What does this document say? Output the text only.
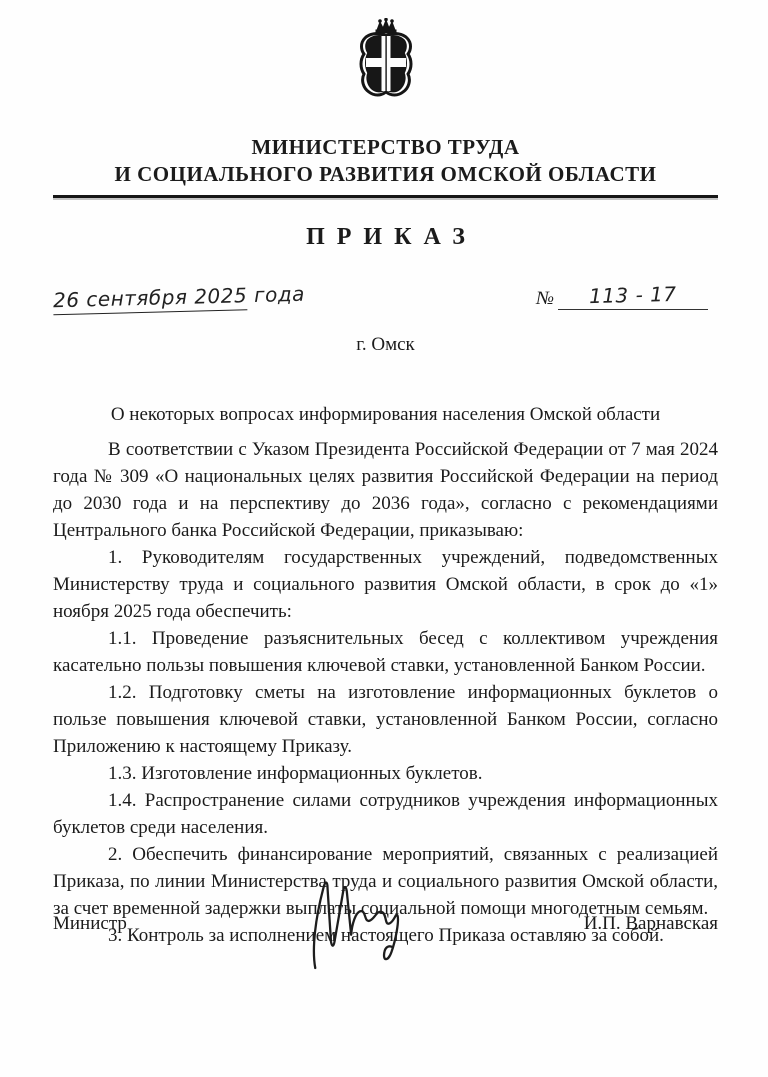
МИНИСТЕРСТВО ТРУДА
И СОЦИАЛЬНОГО РАЗВИТИЯ ОМСКОЙ ОБЛАСТИ
ПРИКАЗ
26 сентября 2025 года	№	113 - 17
г. Омск
О некоторых вопросах информирования населения Омской области

В соответствии с Указом Президента Российской Федерации от 7 мая 2024 года № 309 «О национальных целях развития Российской Федерации на период до 2030 года и на перспективу до 2036 года», согласно с рекомендациями Центрального банка Российской Федерации, приказываю:

1. Руководителям государственных учреждений, подведомственных Министерству труда и социального развития Омской области, в срок до «1» ноября 2025 года обеспечить:

1.1. Проведение разъяснительных бесед с коллективом учреждения касательно пользы повышения ключевой ставки, установленной Банком России.

1.2. Подготовку сметы на изготовление информационных буклетов о пользе повышения ключевой ставки, установленной Банком России, согласно Приложению к настоящему Приказу.

1.3. Изготовление информационных буклетов.

1.4. Распространение силами сотрудников учреждения информационных буклетов среди населения.

2. Обеспечить финансирование мероприятий, связанных с реализацией Приказа, по линии Министерства труда и социального развития Омской области, за счет временной задержки выплаты социальной помощи многодетным семьям.

3. Контроль за исполнением настоящего Приказа оставляю за собой.

Министр	И.П. Варнавская
